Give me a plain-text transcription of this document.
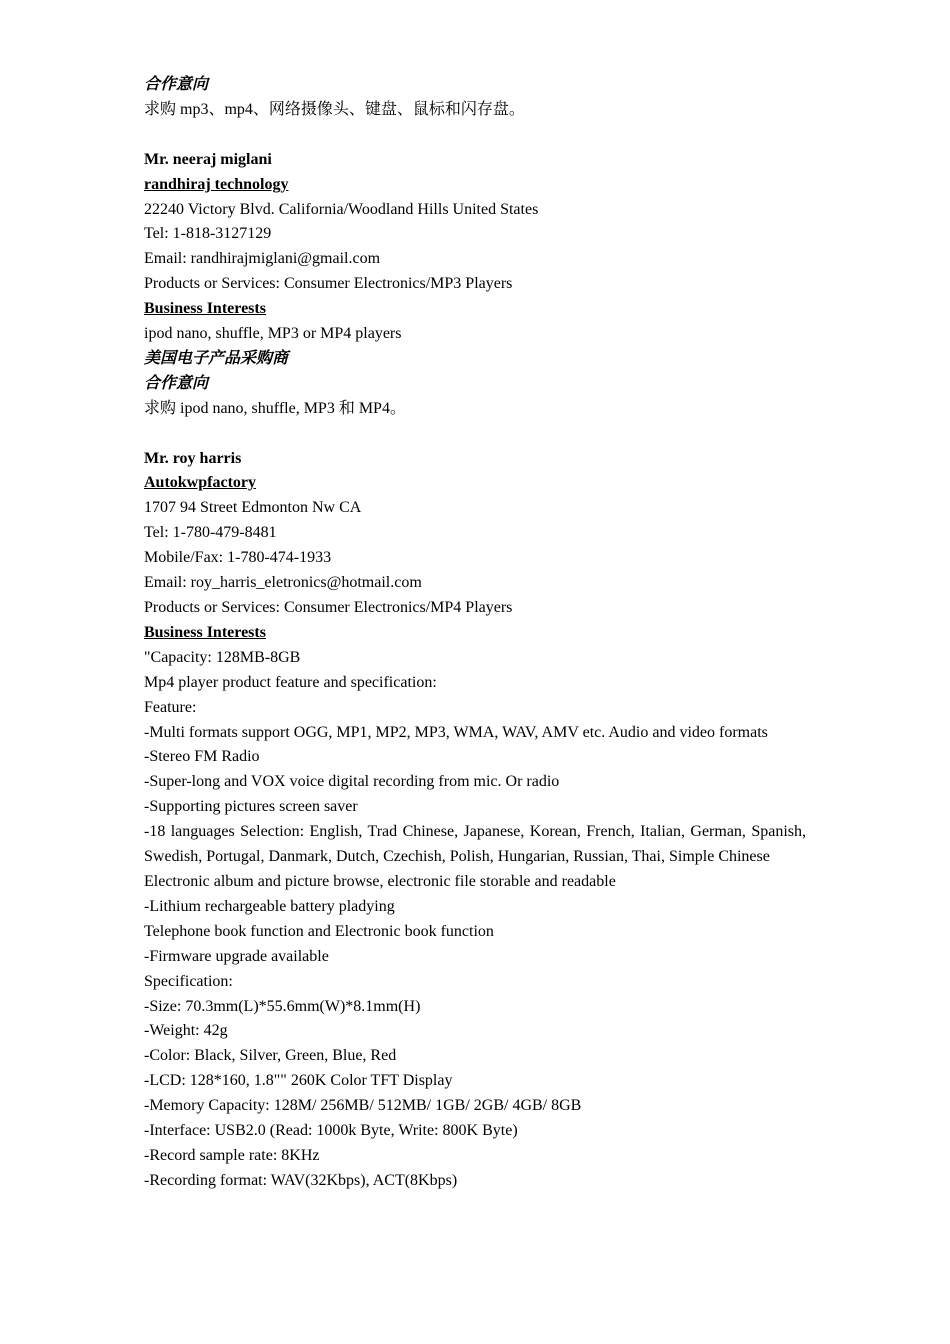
合作意向
求购 mp3、mp4、网络摄像头、键盘、鼠标和闪存盘。
Mr. neeraj miglani
randhiraj technology
22240 Victory Blvd. California/Woodland Hills United States
Tel: 1-818-3127129
Email: randhirajmiglani@gmail.com
Products or Services: Consumer Electronics/MP3 Players
Business Interests
ipod nano, shuffle, MP3 or MP4 players
美国电子产品采购商
合作意向
求购 ipod nano, shuffle, MP3 和 MP4。
Mr. roy harris
Autokwpfactory
1707 94 Street Edmonton Nw CA
Tel: 1-780-479-8481
Mobile/Fax: 1-780-474-1933
Email: roy_harris_eletronics@hotmail.com
Products or Services: Consumer Electronics/MP4 Players
Business Interests
"Capacity: 128MB-8GB
Mp4 player product feature and specification:
Feature:
-Multi formats support OGG, MP1, MP2, MP3, WMA, WAV, AMV etc. Audio and video formats
-Stereo FM Radio
-Super-long and VOX voice digital recording from mic. Or radio
-Supporting pictures screen saver
-18 languages Selection: English, Trad Chinese, Japanese, Korean, French, Italian, German, Spanish, Swedish, Portugal, Danmark, Dutch, Czechish, Polish, Hungarian, Russian, Thai, Simple Chinese
Electronic album and picture browse, electronic file storable and readable
-Lithium rechargeable battery pladying
Telephone book function and Electronic book function
-Firmware upgrade available
Specification:
-Size: 70.3mm(L)*55.6mm(W)*8.1mm(H)
-Weight: 42g
-Color: Black, Silver, Green, Blue, Red
-LCD: 128*160, 1.8"" 260K Color TFT Display
-Memory Capacity: 128M/ 256MB/ 512MB/ 1GB/ 2GB/ 4GB/ 8GB
-Interface: USB2.0 (Read: 1000k Byte, Write: 800K Byte)
-Record sample rate: 8KHz
-Recording format: WAV(32Kbps), ACT(8Kbps)
